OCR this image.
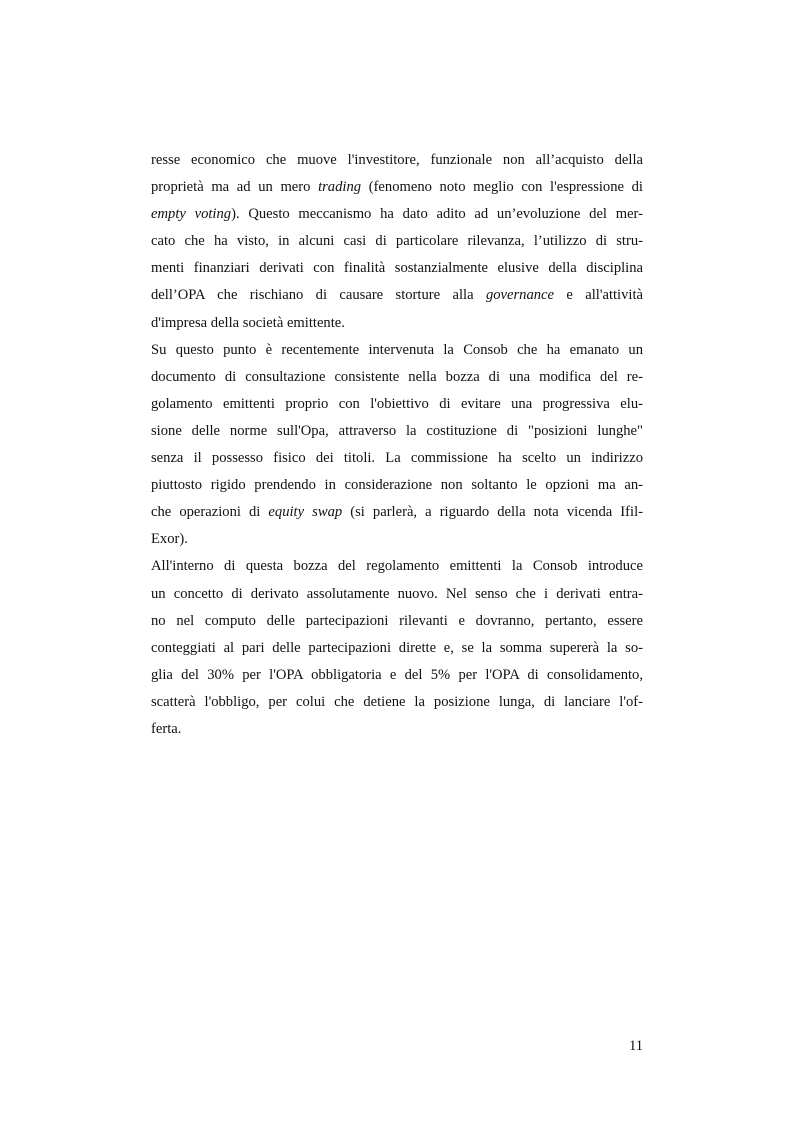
resse economico che muove l'investitore, funzionale non all’acquisto della
proprietà ma ad un mero trading (fenomeno noto meglio con l'espressione di
empty voting). Questo meccanismo ha dato adito ad un’evoluzione del mer-
cato che ha visto, in alcuni casi di particolare rilevanza, l’utilizzo di stru-
menti finanziari derivati con finalità sostanzialmente elusive della disciplina
dell’OPA che rischiano di causare storture alla governance e all'attività
d'impresa della società emittente.
Su questo punto è recentemente intervenuta la Consob che ha emanato un
documento di consultazione consistente nella bozza di una modifica del re-
golamento emittenti proprio con l'obiettivo di evitare una progressiva elu-
sione delle norme sull'Opa, attraverso la costituzione di "posizioni lunghe"
senza il possesso fisico dei titoli. La commissione ha scelto un indirizzo
piuttosto rigido prendendo in considerazione non soltanto le opzioni ma an-
che operazioni di equity swap (si parlerà, a riguardo della nota vicenda Ifil-
Exor).
All'interno di questa bozza del regolamento emittenti la Consob introduce
un concetto di derivato assolutamente nuovo. Nel senso che i derivati entra-
no nel computo delle partecipazioni rilevanti e dovranno, pertanto, essere
conteggiati al pari delle partecipazioni dirette e, se la somma supererà la so-
glia del 30% per l'OPA obbligatoria e del 5% per l'OPA di consolidamento,
scatterà l'obbligo, per colui che detiene la posizione lunga, di lanciare l'of-
ferta.
11
